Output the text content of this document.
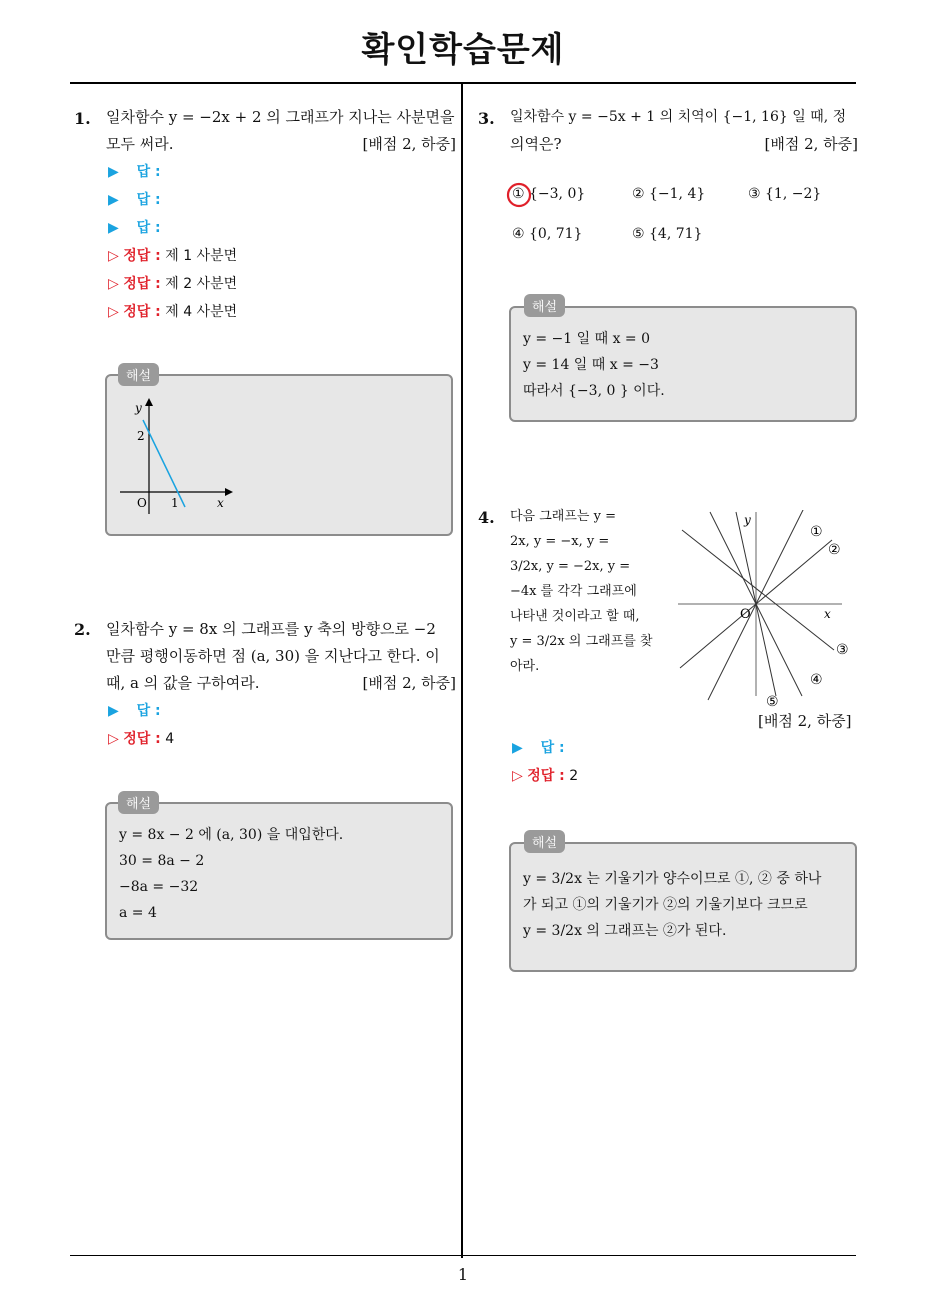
확인학습문제
1
1. 일차함수 y = −2x + 2 의 그래프가 지나는 사분면을
모두 써라.	[배점 2, 하중]
▶ 답 :
▶ 답 :
▶ 답 :
▷ 정답 : 제 1 사분면
▷ 정답 : 제 2 사분면
▷ 정답 : 제 4 사분면
y
x
O
2
1
해설
2. 일차함수 y = 8x 의 그래프를 y 축의 방향으로 −2
만큼 평행이동하면 점 (a, 30) 을 지난다고 한다. 이
때, a 의 값을 구하여라.	[배점 2, 하중]
▶ 답 :
▷ 정답 : 4
y = 8x − 2 에 (a, 30) 을 대입한다.
30 = 8a − 2
−8a = −32
a = 4
해설
3. 일차함수 y = −5x + 1 의 치역이 {−1, 16} 일 때, 정
의역은?	[배점 2, 하중]
① {−3, 0}	② {−1, 4}	③ {1, −2}
④ {0, 71}	⑤ {4, 71}
y = −1 일 때 x = 0
y = 14 일 때 x = −3
따라서 {−3, 0 } 이다.
해설
4. 다음 그래프는 y =
2x, y = −x, y =
3/2x, y = −2x, y =
−4x 를 각각 그래프에
나타낸 것이라고 할 때,
y = 3/2x 의 그래프를 찾
아라.
y
x
O
①
②
③
④
⑤
[배점 2, 하중]
▶ 답 :
▷ 정답 : 2
y = 3/2x 는 기울기가 양수이므로 ①, ② 중 하나
가 되고 ①의 기울기가 ②의 기울기보다 크므로
y = 3/2x 의 그래프는 ②가 된다.
해설
